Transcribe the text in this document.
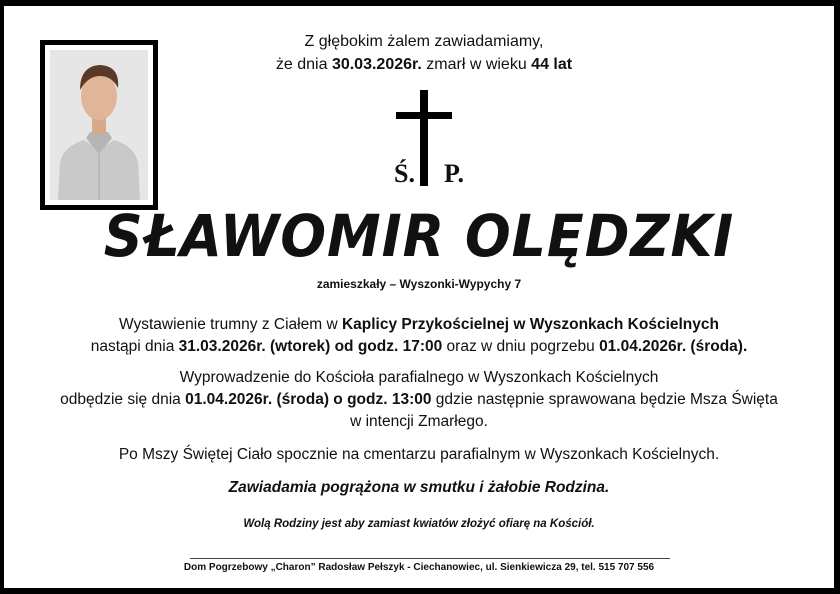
Z głębokim żalem zawiadamiamy,
że dnia 30.03.2026r. zmarł w wieku 44 lat
Ś. P.
SŁAWOMIR OLĘDZKI
zamieszkały – Wyszonki-Wypychy 7
Wystawienie trumny z Ciałem w Kaplicy Przykościelnej w Wyszonkach Kościelnych
nastąpi dnia 31.03.2026r. (wtorek) od godz. 17:00 oraz w dniu pogrzebu 01.04.2026r. (środa).
Wyprowadzenie do Kościoła parafialnego w Wyszonkach Kościelnych
odbędzie się dnia 01.04.2026r. (środa) o godz. 13:00 gdzie następnie sprawowana będzie Msza Święta
w intencji Zmarłego.
Po Mszy Świętej Ciało spocznie na cmentarzu parafialnym w Wyszonkach Kościelnych.
Zawiadamia pogrążona w smutku i żałobie Rodzina.
Wolą Rodziny jest aby zamiast kwiatów złożyć ofiarę na Kościół.
Dom Pogrzebowy „Charon” Radosław Pełszyk - Ciechanowiec, ul. Sienkiewicza 29, tel. 515 707 556
